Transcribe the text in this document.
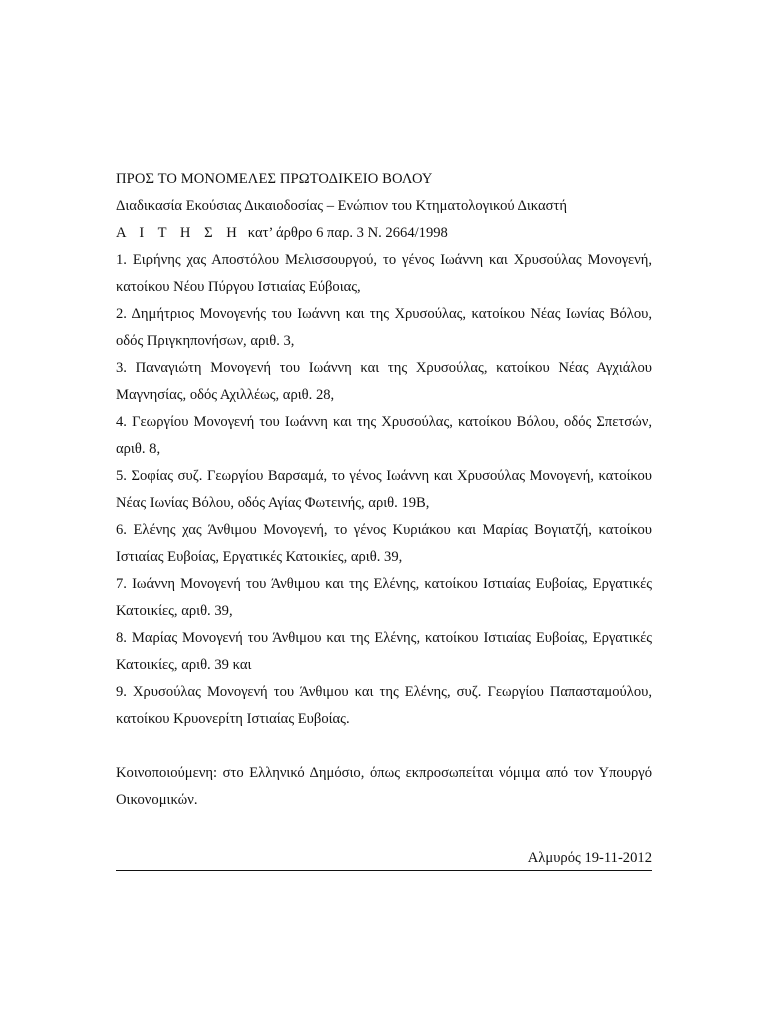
ΠΡΟΣ ΤΟ ΜΟΝΟΜΕΛΕΣ ΠΡΩΤΟΔΙΚΕΙΟ ΒΟΛΟΥ

Διαδικασία Εκούσιας Δικαιοδοσίας – Ενώπιον του Κτηματολογικού Δικαστή

Α Ι Τ Η Σ Η κατ’ άρθρο 6 παρ. 3 Ν. 2664/1998

1. Ειρήνης χας Αποστόλου Μελισσουργού, το γένος Ιωάννη και Χρυσούλας Μονογενή, κατοίκου Νέου Πύργου Ιστιαίας Εύβοιας,

2. Δημήτριος Μονογενής του Ιωάννη και της Χρυσούλας, κατοίκου Νέας Ιωνίας Βόλου, οδός Πριγκηπονήσων, αριθ. 3,

3. Παναγιώτη Μονογενή του Ιωάννη και της Χρυσούλας, κατοίκου Νέας Αγχιάλου Μαγνησίας, οδός Αχιλλέως, αριθ. 28,

4. Γεωργίου Μονογενή του Ιωάννη και της Χρυσούλας, κατοίκου Βόλου, οδός Σπετσών, αριθ. 8,

5. Σοφίας συζ. Γεωργίου Βαρσαμά, το γένος Ιωάννη και Χρυσούλας Μονογενή, κατοίκου Νέας Ιωνίας Βόλου, οδός Αγίας Φωτεινής, αριθ. 19Β,

6. Ελένης χας Άνθιμου Μονογενή, το γένος Κυριάκου και Μαρίας Βογιατζή, κατοίκου Ιστιαίας Ευβοίας, Εργατικές Κατοικίες, αριθ. 39,

7. Ιωάννη Μονογενή του Άνθιμου και της Ελένης, κατοίκου Ιστιαίας Ευβοίας, Εργατικές Κατοικίες, αριθ. 39,

8. Μαρίας Μονογενή του Άνθιμου και της Ελένης, κατοίκου Ιστιαίας Ευβοίας, Εργατικές Κατοικίες, αριθ. 39 και

9. Χρυσούλας Μονογενή του Άνθιμου και της Ελένης, συζ. Γεωργίου Παπασταμούλου, κατοίκου Κρυονερίτη Ιστιαίας Ευβοίας.

Κοινοποιούμενη: στο Ελληνικό Δημόσιο, όπως εκπροσωπείται νόμιμα από τον Υπουργό Οικονομικών.

Αλμυρός 19-11-2012
